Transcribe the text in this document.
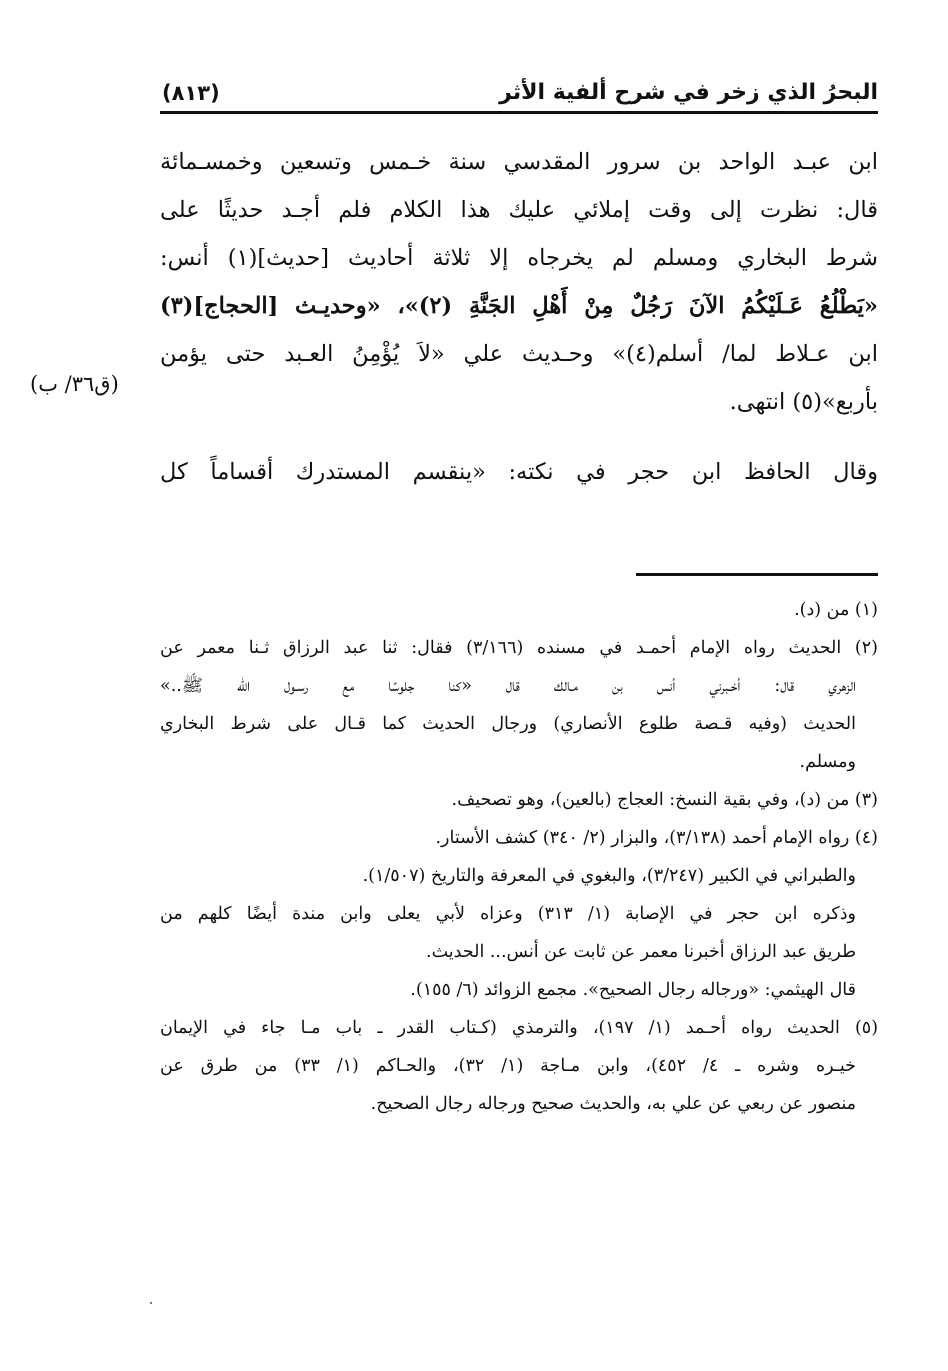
البحرُ الذي زخر في شرح ألفية الأثر
(٨١٣)
ابن عبـد الواحد بن سرور المقدسي سنة خـمس وتسعين وخمسـمائة
قال: نظرت إلى وقت إملائي عليك هذا الكلام فلم أجـد حديثًا على
شرط البخاري ومسلم لم يخرجاه إلا ثلاثة أحاديث [حديث](١) أنس:
«يَطْلُعُ عَـلَيْكُمُ الآنَ رَجُلٌ مِنْ أَهْلِ الجَنَّةِ (٢)»، «وحديـث [الحجاج](٣)
ابن عـلاط لما/ أسلم(٤)» وحـديث علي «لاَ يُؤْمِنُ العـبد حتى يؤمن
بأربع»(٥) انتهى.
وقال الحافظ ابن حجر في نكته: «ينقسم المستدرك أقساماً كل
(ق٣٦/ ب)
(١) من (د).
(٢) الحديث رواه الإمام أحمـد في مسنده (٣/١٦٦) فقال: ثنا عبد الرزاق ثـنا معمر عن
الزهري قال: أخـبرني أنس بن مـالك قال «كنا جلوسًا مع رسـول الله ﷺ..»
الحديث (وفيه قـصة طلوع الأنصاري) ورجال الحديث كما قـال على شرط البخاري
ومسلم.
(٣) من (د)، وفي بقية النسخ: العجاج (بالعين)، وهو تصحيف.
(٤) رواه الإمام أحمد (٣/١٣٨)، والبزار (٢/ ٣٤٠) كشف الأستار.
والطبراني في الكبير (٣/٢٤٧)، والبغوي في المعرفة والتاريخ (١/٥٠٧).
وذكره ابن حجر في الإصابة (١/ ٣١٣) وعزاه لأبي يعلى وابن مندة أيضًا كلهم من
طريق عبد الرزاق أخبرنا معمر عن ثابت عن أنس... الحديث.
قال الهيثمي: «ورجاله رجال الصحيح». مجمع الزوائد (٦/ ١٥٥).
(٥) الحديث رواه أحـمد (١/ ١٩٧)، والترمذي (كـتاب القدر ـ باب مـا جاء في الإيمان
خيـره وشره ـ ٤/ ٤٥٢)، وابن مـاجة (١/ ٣٢)، والحـاكم (١/ ٣٣) من طرق عن
منصور عن ربعي عن علي به، والحديث صحيح ورجاله رجال الصحيح.
